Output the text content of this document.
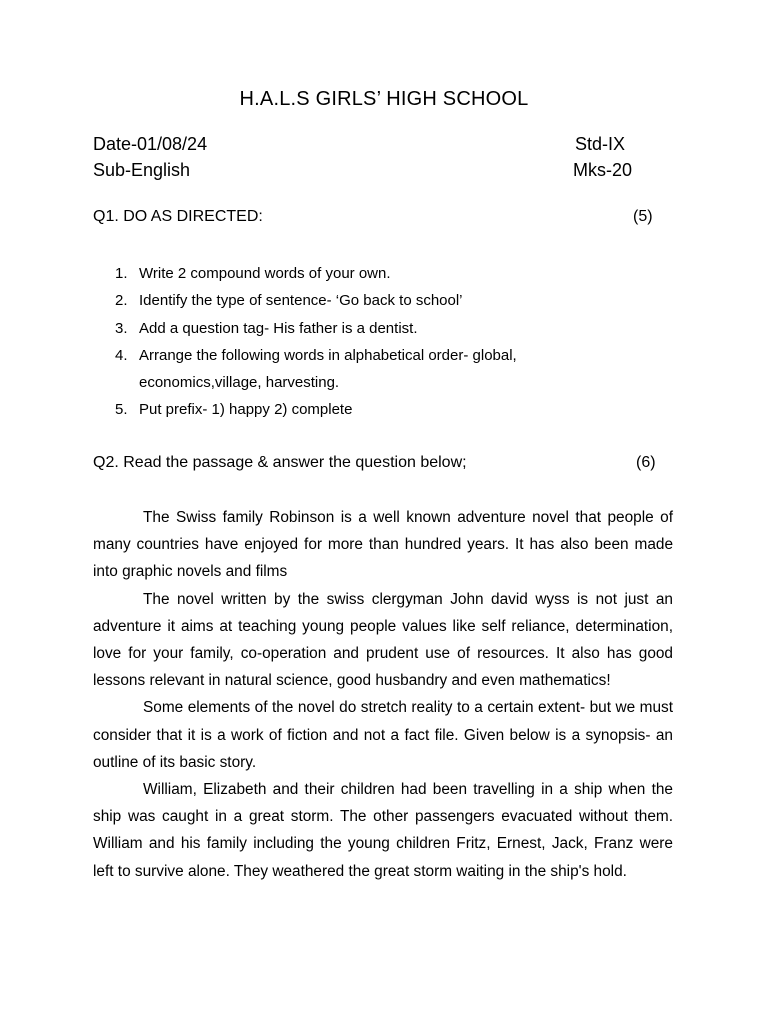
H.A.L.S GIRLS’ HIGH SCHOOL
Date-01/08/24	Std-IX
Sub-English	Mks-20
Q1. DO AS DIRECTED:	(5)
1. Write 2 compound words of your own.
2. Identify the type of sentence- ‘Go back to school’
3. Add a question tag- His father is a dentist.
4. Arrange the following words in alphabetical order- global, economics,village, harvesting.
5. Put prefix- 1) happy 2) complete
Q2. Read the passage & answer the question below;	(6)

The Swiss family Robinson is a well known adventure novel that people of many countries have enjoyed for more than hundred years. It has also been made into graphic novels and films

The novel written by the swiss clergyman John david wyss is not just an adventure it aims at teaching young people values like self reliance, determination, love for your family, co-operation and prudent use of resources. It also has good lessons relevant in natural science, good husbandry and even mathematics!

Some elements of the novel do stretch reality to a certain extent- but we must consider that it is a work of fiction and not a fact file. Given below is a synopsis- an outline of its basic story.

William, Elizabeth and their children had been travelling in a ship when the ship was caught in a great storm. The other passengers evacuated without them. William and his family including the young children Fritz, Ernest, Jack, Franz were left to survive alone. They weathered the great storm waiting in the ship's hold.
